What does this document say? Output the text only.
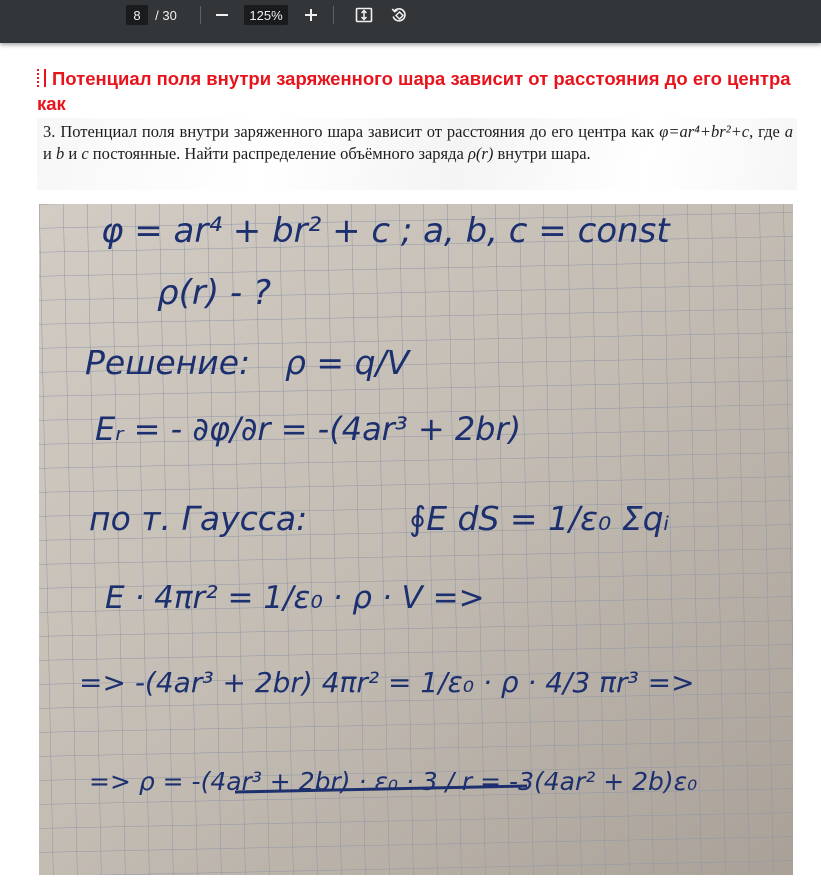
8	/ 30	125%
Потенциал поля внутри заряженного шара зависит от расстояния до его центра как
3. Потенциал поля внутри заряженного шара зависит от расстояния до его центра как φ=ar⁴+br²+c, где a и b и c постоянные. Найти распределение объёмного заряда ρ(r) внутри шара.
φ = ar⁴ + br² + c ; a, b, c = const
ρ(r) - ?
Решение: ρ = q/V
Eᵣ = - ∂φ/∂r = -(4ar³ + 2br)
по т. Гаусса:	∮E dS = 1/ε₀ Σqᵢ
E · 4πr² = 1/ε₀ · ρ · V =>
=> -(4ar³ + 2br) 4πr² = 1/ε₀ · ρ · 4/3 πr³ =>
=> ρ = -(4ar³ + 2br) · ε₀ · 3 / r = -3(4ar² + 2b)ε₀
